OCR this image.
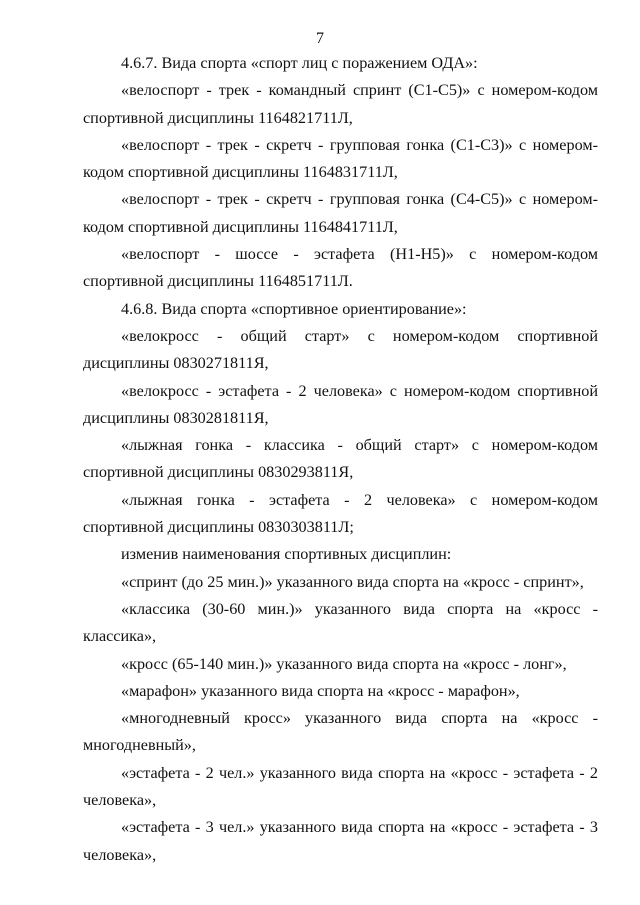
7

4.6.7. Вида спорта «спорт лиц с поражением ОДА»:

«велоспорт - трек - командный спринт (С1-С5)» с номером-кодом спортивной дисциплины 1164821711Л,

«велоспорт - трек - скретч - групповая гонка (С1-С3)» с номером-кодом спортивной дисциплины 1164831711Л,

«велоспорт - трек - скретч - групповая гонка (С4-С5)» с номером-кодом спортивной дисциплины 1164841711Л,

«велоспорт - шоссе - эстафета (Н1-Н5)» с номером-кодом спортивной дисциплины 1164851711Л.

4.6.8. Вида спорта «спортивное ориентирование»:

«велокросс - общий старт» с номером-кодом спортивной дисциплины 0830271811Я,

«велокросс - эстафета - 2 человека» с номером-кодом спортивной дисциплины 0830281811Я,

«лыжная гонка - классика - общий старт» с номером-кодом спортивной дисциплины 0830293811Я,

«лыжная гонка - эстафета - 2 человека» с номером-кодом спортивной дисциплины 0830303811Л;

изменив наименования спортивных дисциплин:

«спринт (до 25 мин.)» указанного вида спорта на «кросс - спринт»,

«классика (30-60 мин.)» указанного вида спорта на «кросс - классика»,

«кросс (65-140 мин.)» указанного вида спорта на «кросс - лонг»,

«марафон» указанного вида спорта на «кросс - марафон»,

«многодневный кросс» указанного вида спорта на «кросс - многодневный»,

«эстафета - 2 чел.» указанного вида спорта на «кросс - эстафета - 2 человека»,

«эстафета - 3 чел.» указанного вида спорта на «кросс - эстафета - 3 человека»,
